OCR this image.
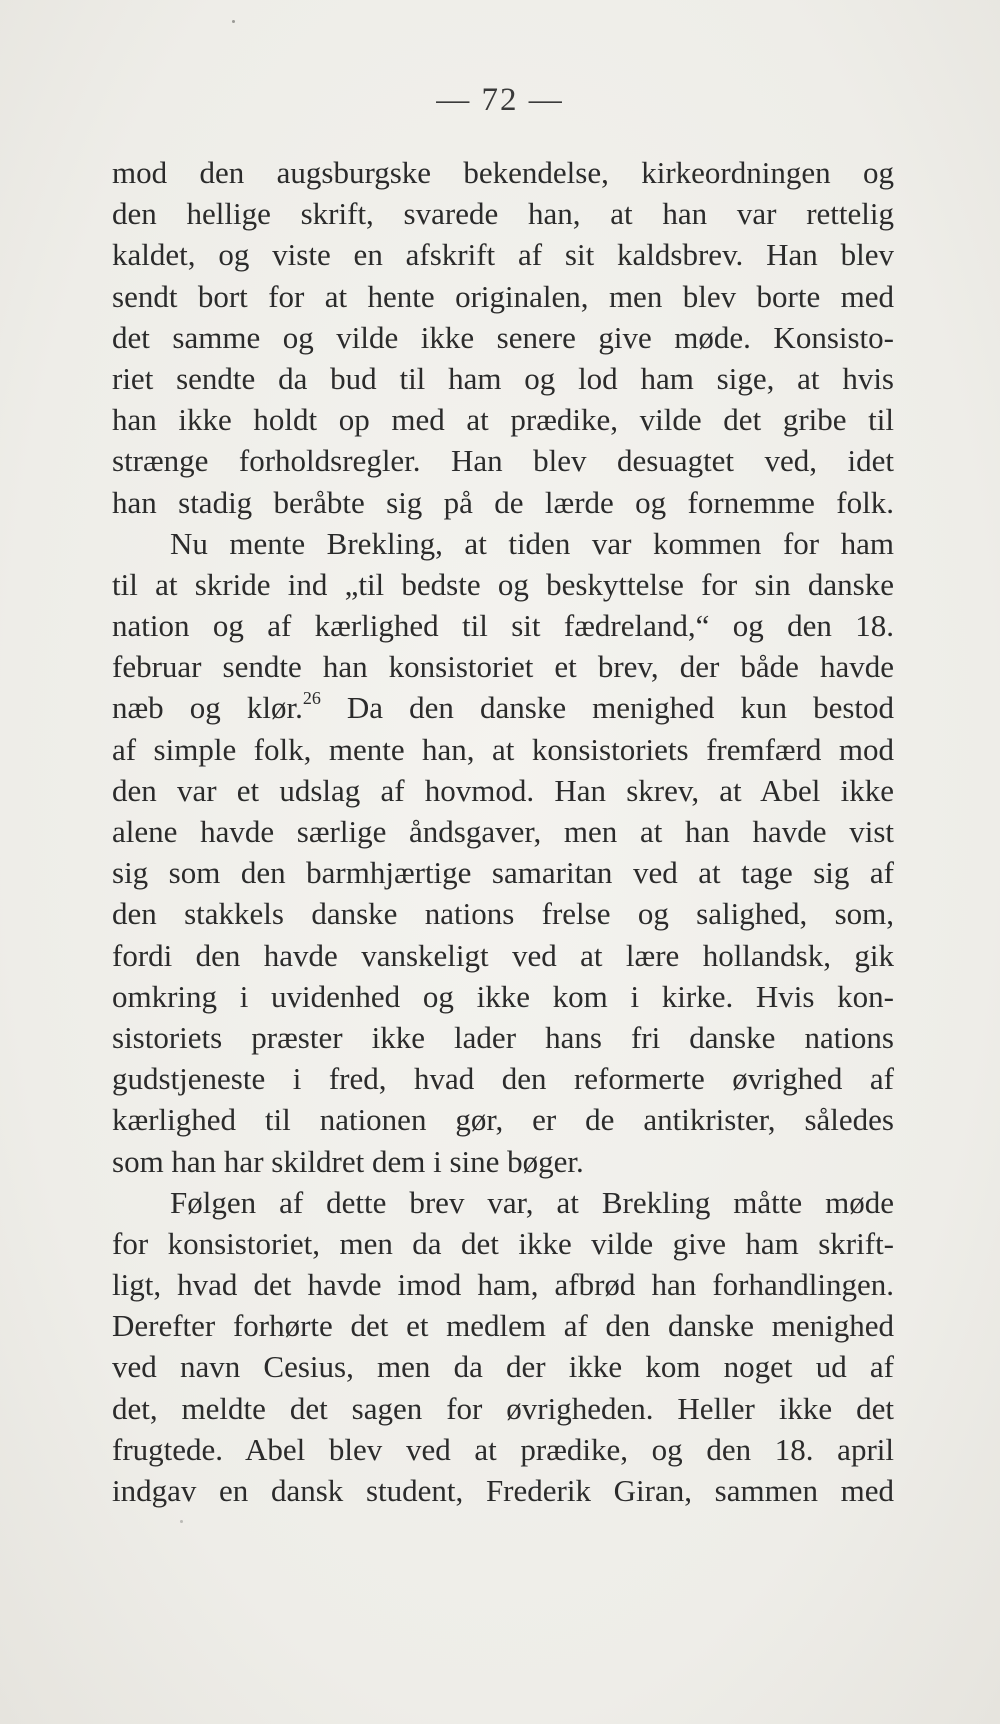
— 72 —
mod den augsburgske bekendelse, kirkeordningen og
den hellige skrift, svarede han, at han var rettelig
kaldet, og viste en afskrift af sit kaldsbrev. Han blev
sendt bort for at hente originalen, men blev borte med
det samme og vilde ikke senere give møde. Konsisto-
riet sendte da bud til ham og lod ham sige, at hvis
han ikke holdt op med at prædike, vilde det gribe til
strænge forholdsregler. Han blev desuagtet ved, idet
han stadig beråbte sig på de lærde og fornemme folk.
Nu mente Brekling, at tiden var kommen for ham
til at skride ind „til bedste og beskyttelse for sin danske
nation og af kærlighed til sit fædreland,“ og den 18.
februar sendte han konsistoriet et brev, der både havde
næb og klør.$^{26}$ Da den danske menighed kun bestod
af simple folk, mente han, at konsistoriets fremfærd mod
den var et udslag af hovmod. Han skrev, at Abel ikke
alene havde særlige åndsgaver, men at han havde vist
sig som den barmhjærtige samaritan ved at tage sig af
den stakkels danske nations frelse og salighed, som,
fordi den havde vanskeligt ved at lære hollandsk, gik
omkring i uvidenhed og ikke kom i kirke. Hvis kon-
sistoriets præster ikke lader hans fri danske nations
gudstjeneste i fred, hvad den reformerte øvrighed af
kærlighed til nationen gør, er de antikrister, således
som han har skildret dem i sine bøger.
Følgen af dette brev var, at Brekling måtte møde
for konsistoriet, men da det ikke vilde give ham skrift-
ligt, hvad det havde imod ham, afbrød han forhandlingen.
Derefter forhørte det et medlem af den danske menighed
ved navn Cesius, men da der ikke kom noget ud af
det, meldte det sagen for øvrigheden. Heller ikke det
frugtede. Abel blev ved at prædike, og den 18. april
indgav en dansk student, Frederik Giran, sammen med
